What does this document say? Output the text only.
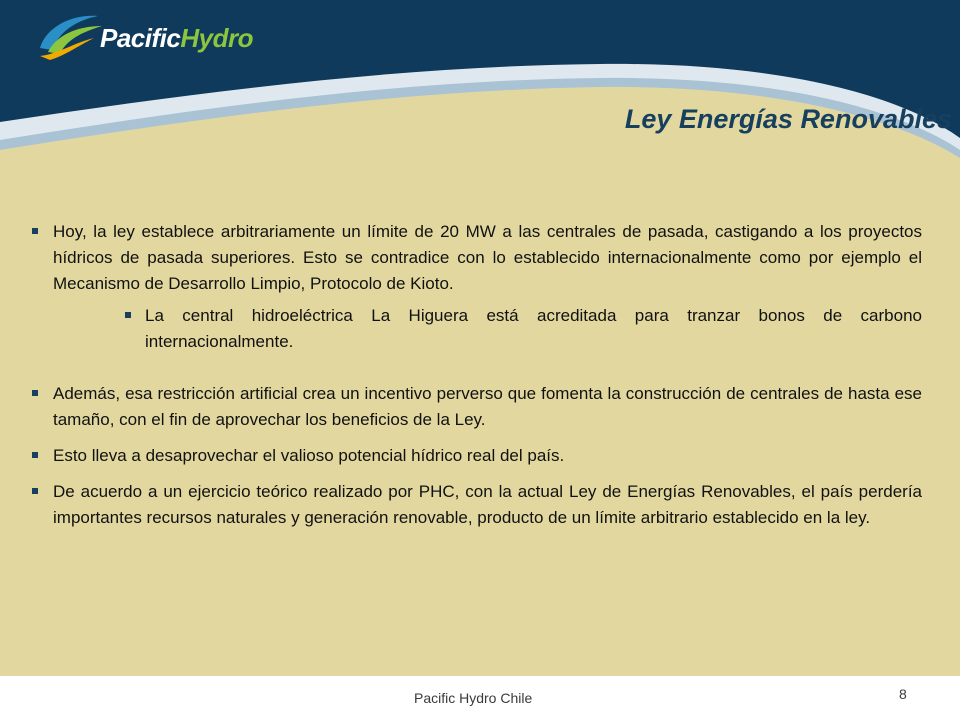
PacificHydro
Ley Energías Renovables
Hoy, la ley establece arbitrariamente un límite de 20 MW a las centrales de pasada, castigando a los proyectos hídricos de pasada superiores. Esto se contradice con lo establecido internacionalmente como por ejemplo el Mecanismo de Desarrollo Limpio, Protocolo de Kioto.
La central hidroeléctrica La Higuera está acreditada para tranzar bonos de carbono internacionalmente.
Además, esa restricción artificial crea un incentivo perverso que fomenta la construcción de centrales de hasta ese tamaño, con el fin de aprovechar los beneficios de la Ley.
Esto lleva a desaprovechar el valioso potencial hídrico real del país.
De acuerdo a un ejercicio teórico realizado por PHC, con la actual Ley de Energías Renovables, el país perdería importantes recursos naturales y generación renovable, producto de un límite arbitrario establecido en la ley.
Pacific Hydro Chile	8
